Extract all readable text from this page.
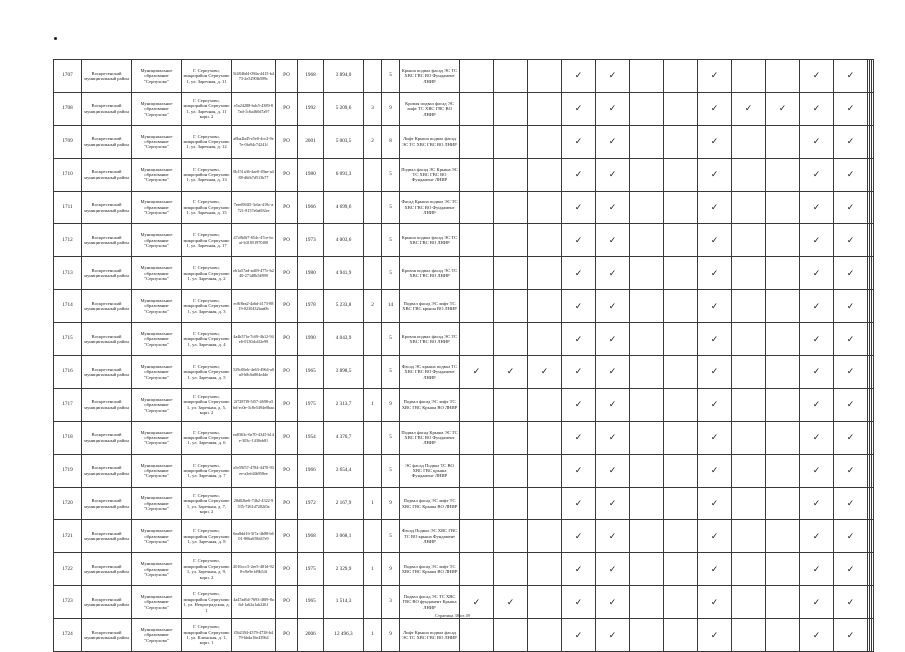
1707	Воскресенский муниципальный район	Муниципальное образование "Серпухово"	Г. Серпухово, микрорайон Серпухово 1, ул. Заречная, д. 11	5f4846d4-094a-4415-b473-2e5290fb589c	РО	1968	3 894,0		5	Крыша подвал фасад ЭС ТС ХВС ГВС ВО Фундамент ЛНИР				✓	✓			✓			✓	✓			
1708	Воскресенский муниципальный район	Муниципальное образование "Серпухово"	Г. Серпухово, микрорайон Серпухово 1, ул. Заречная, д. 11 корп. 2	e5a24288-bdc5-4389-87ad-1c6a460d7a97	РО	1992	5 209,6	3	9	Кровля подвал фасад ЭС лифт ТС ХВС ГВС ВО ЛНИР				✓	✓			✓	✓	✓	✓	✓			
1709	Воскресенский муниципальный район	Муниципальное образование "Серпухово"	Г. Серпухово, микрорайон Серпухово 1, ул. Заречная, д. 12	a0ba2bd5-e5e0-4cc2-9e7e-0fa94c74241f	РО	2001	5 003,5	2	8	Лифт Крыша подвал фасад ЭС ТС ХВС ГВС ВО ЛНИР				✓	✓			✓			✓	✓			
1710	Воскресенский муниципальный район	Муниципальное образование "Серпухово"	Г. Серпухово, микрорайон Серпухово 1, ул. Заречная, д. 13	0b151a36-4ae0-49ae-a488-d6fb7d513b77	РО	1980	6 091,3		5	Подвал фасад ЭС Крыша ЭС ТС ХВС ГВС ВО Фундамент ЛНИР				✓	✓			✓			✓	✓			
1711	Воскресенский муниципальный район	Муниципальное образование "Серпухово"	Г. Серпухово, микрорайон Серпухово 1, ул. Заречная, д. 15	7eee884f5-3c6a-419c-a721-8157e6a692ee	РО	1966	4 699,6		5	Фасад Крыша подвал ЭС ТС ХВС ГВС ВО Фундамент ЛНИР				✓	✓			✓			✓	✓			
1712	Воскресенский муниципальный район	Муниципальное образование "Серпухово"	Г. Серпухово, микрорайон Серпухово 1, ул. Заречная, д. 17	47c8b0f7-654c-47ce-bcaf-b31851970f00	РО	1973	4 003,6		5	Крыша подвал фасад ЭС ТС ХВС ГВС ВО ЛНИР				✓	✓			✓			✓	✓			
1713	Воскресенский муниципальный район	Муниципальное образование "Серпухово"	Г. Серпухово, микрорайон Серпухово 1, ул. Заречная, д. 2	eb1a57ad-ad49-477e-b240-271d8b54899	РО	1980	4 941,9		5	Кровля подвал фасад ЭС ТС ХВС ГВС ВО ЛНИР				✓	✓			✓			✓	✓			
1714	Воскресенский муниципальный район	Муниципальное образование "Серпухово"	Г. Серпухово, микрорайон Серпухово 1, ул. Заречная, д. 3	ec8f8ea2-4a6d-4173-8819-0230432baa0b	РО	1978	5 233,8	2	14	Подвал фасад ЭС лифт ТС ХВС ГВС крыша ВО ЛНИР				✓	✓			✓			✓	✓			
1715	Воскресенский муниципальный район	Муниципальное образование "Серпухово"	Г. Серпухово, микрорайон Серпухово 1, ул. Заречная, д. 4	4a4b57fa-7c69-4b12-94e6-0130cb4f2e99	РО	1990	4 043,9		5	Кровля подвал фасад ЭС ТС ХВС ГВС ВО ЛНИР				✓	✓			✓			✓	✓			
1716	Воскресенский муниципальный район	Муниципальное образование "Серпухово"	Г. Серпухово, микрорайон Серпухово 1, ул. Заречная, д. 5	529c00eb-4e63-4964-a0a0-b8c6a804e4de	РО	1965	3 898,5		5	Фасад ЭС крыша подвал ТС ХВС ГВС ВО Фундамент ЛНИР	✓	✓	✓	✓	✓			✓			✓	✓			
1717	Воскресенский муниципальный район	Муниципальное образование "Серпухово"	Г. Серпухово, микрорайон Серпухово 1, ул. Заречная, д. 5, корп. 2	2f7287f9-5f57-4698-a5bd-ec0e-3c8e5494e0baa	РО	1975	2 313,7	1	9	Подвал фасад ЭС лифт ТС ХВС ГВС Крыша ВО ЛНИР				✓	✓			✓			✓	✓			
1718	Воскресенский муниципальный район	Муниципальное образование "Серпухово"	Г. Серпухово, микрорайон Серпухово 1, ул. Заречная, д. 6	ea8363c-6e70-4345-b14e-303c-1430eb81	РО	1954	4 370,7		5	Подвал фасад Крыша ЭС ТС ХВС ГВС ВО Фундамент ЛНИР				✓	✓			✓			✓	✓			
1719	Воскресенский муниципальный район	Муниципальное образование "Серпухово"	Г. Серпухово, микрорайон Серпухово 1, ул. Заречная, д. 7	a5e59f57-4784-4470-93ee-a3efd4b958ee	РО	1966	3 654,4		5	ЭС фасад Подвал ТС ВО ХВС ГВС крыша Фундамент ЛНИР				✓	✓			✓			✓	✓			
1720	Воскресенский муниципальный район	Муниципальное образование "Серпухово"	Г. Серпухово, микрорайон Серпухово 1, ул. Заречная, д. 7, корп. 2	28d02be6-74b2-4322-9535-7261d7282f0a	РО	1972	2 167,9	1	9	Подвал фасад ЭС лифт ТС ХВС ГВС Крыша ВО ЛНИР				✓	✓			✓			✓	✓			
1721	Воскресенский муниципальный район	Муниципальное образование "Серпухово"	Г. Серпухово, микрорайон Серпухово 1, ул. Заречная, д. 8	6ea8dd16-5f7a-4b88-b601-806a658d47e9	РО	1968	3 068,1		5	Фасад Подвал ЭС ХВС ГВС ТС ВО крыша Фундамент ЛНИР				✓	✓			✓			✓	✓			
1722	Воскресенский муниципальный район	Муниципальное образование "Серпухово"	Г. Серпухово, микрорайон Серпухово 1, ул. Заречная, д. 9, корп. 2	2016ccc5-2ee5-481d-928-c8e9e1d9b54f	РО	1975	2 329,9	1	9	Подвал фасад ЭС лифт ТС ХВС ГВС Крыша ВО ЛНИР				✓	✓			✓			✓	✓			
1723	Воскресенский муниципальный район	Муниципальное образование "Серпухово"	Г. Серпухово, микрорайон Серпухово 1, ул. Непротрадская, д. 1	4a47ad64-7693-48f9-8a6d-1a62a1ab2261	РО	1965	1 514,3		3	Подвал фасад ЭС ТС ХВС ГВС ВО фундамент Крыша ЛНИР	✓	✓		✓	✓			✓			✓	✓			
1724	Воскресенский муниципальный район	Муниципальное образование "Серпухово"	Г. Серпухово, микрорайон Серпухово 1, ул. Клинская, д. 1, корп. 1	f5b2394-4579-4738-b479-bbda16e43964	РО	2006	12 496,3	1	9	Лифт Крыша подвал фасад ЭС ТС ХВС ГВС ВО ЛНИР				✓	✓			✓			✓	✓			
Страница 38 из 49
